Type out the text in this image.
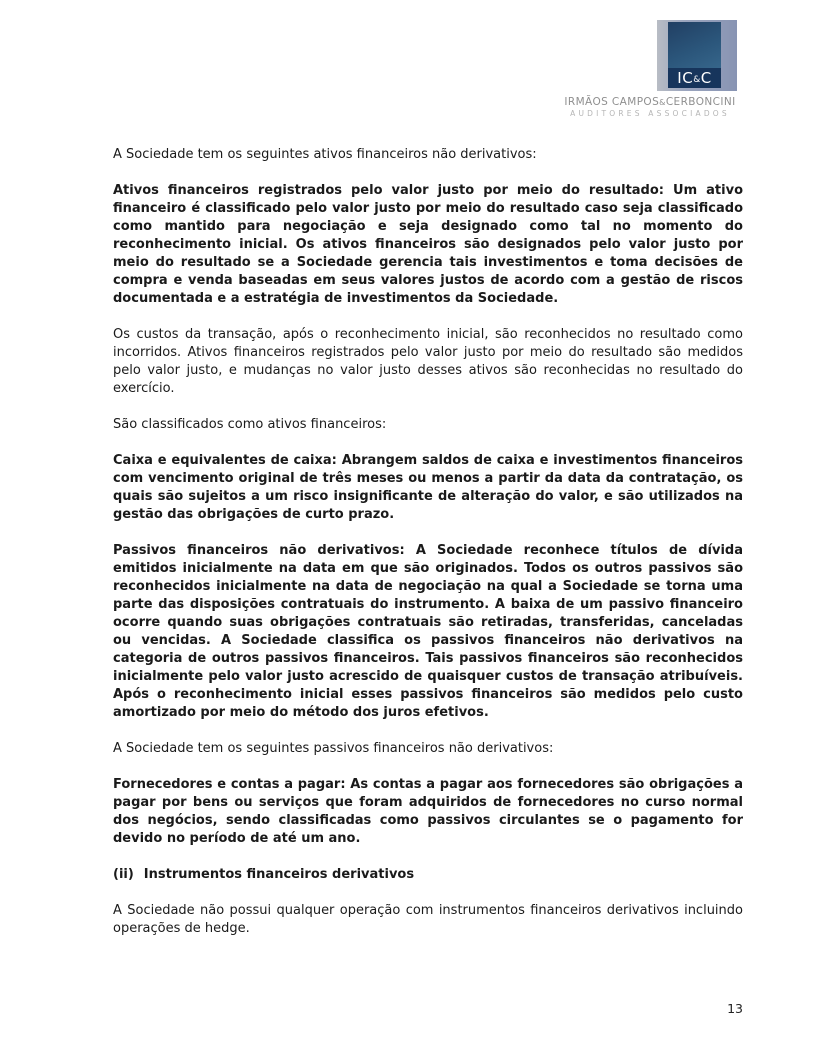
IC&C
IRMÃOS CAMPOS&CERBONCINI
AUDITORES ASSOCIADOS

A Sociedade tem os seguintes ativos financeiros não derivativos:

Ativos financeiros registrados pelo valor justo por meio do resultado: Um ativo financeiro é classificado pelo valor justo por meio do resultado caso seja classificado como mantido para negociação e seja designado como tal no momento do reconhecimento inicial. Os ativos financeiros são designados pelo valor justo por meio do resultado se a Sociedade gerencia tais investimentos e toma decisões de compra e venda baseadas em seus valores justos de acordo com a gestão de riscos documentada e a estratégia de investimentos da Sociedade.

Os custos da transação, após o reconhecimento inicial, são reconhecidos no resultado como incorridos. Ativos financeiros registrados pelo valor justo por meio do resultado são medidos pelo valor justo, e mudanças no valor justo desses ativos são reconhecidas no resultado do exercício.

São classificados como ativos financeiros:

Caixa e equivalentes de caixa: Abrangem saldos de caixa e investimentos financeiros com vencimento original de três meses ou menos a partir da data da contratação, os quais são sujeitos a um risco insignificante de alteração do valor, e são utilizados na gestão das obrigações de curto prazo.

Passivos financeiros não derivativos: A Sociedade reconhece títulos de dívida emitidos inicialmente na data em que são originados. Todos os outros passivos são reconhecidos inicialmente na data de negociação na qual a Sociedade se torna uma parte das disposições contratuais do instrumento. A baixa de um passivo financeiro ocorre quando suas obrigações contratuais são retiradas, transferidas, canceladas ou vencidas. A Sociedade classifica os passivos financeiros não derivativos na categoria de outros passivos financeiros. Tais passivos financeiros são reconhecidos inicialmente pelo valor justo acrescido de quaisquer custos de transação atribuíveis. Após o reconhecimento inicial esses passivos financeiros são medidos pelo custo amortizado por meio do método dos juros efetivos.

A Sociedade tem os seguintes passivos financeiros não derivativos:

Fornecedores e contas a pagar: As contas a pagar aos fornecedores são obrigações a pagar por bens ou serviços que foram adquiridos de fornecedores no curso normal dos negócios, sendo classificadas como passivos circulantes se o pagamento for devido no período de até um ano.

(ii) Instrumentos financeiros derivativos

A Sociedade não possui qualquer operação com instrumentos financeiros derivativos incluindo operações de hedge.

13
